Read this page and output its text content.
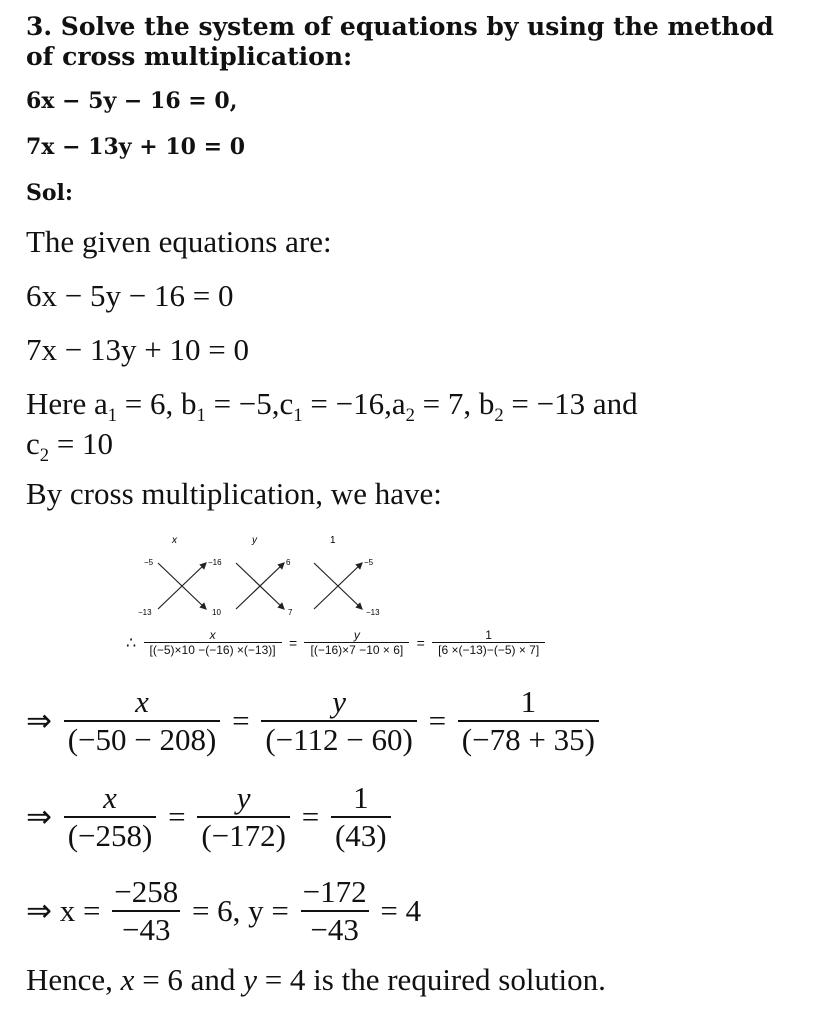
3. Solve the system of equations by using the method of cross multiplication:
6x − 5y − 16 = 0,
7x − 13y + 10 = 0
Sol:
The given equations are:
6x − 5y − 16 = 0
7x − 13y + 10 = 0
Here $a_1 = 6$, $b_1 = -5,c_1 = -16,a_2 = 7$, $b_2 = -13$ and
$c_2 = 10$
By cross multiplication, we have:
x	y	1
−5	−16	6	−5
−13	10	7	−13
∴ $\frac{x}{[(-5)\times 10 -(-16) \times(-13)]} = \frac{y}{[(-16)\times 7 -10 \times 6]} = \frac{1}{[6 \times(-13)-(-5) \times 7]}$
⇒ $\frac{x}{(-50 - 208)} = \frac{y}{(-112 - 60)} = \frac{1}{(-78 + 35)}$
⇒ $\frac{x}{(-258)} = \frac{y}{(-172)} = \frac{1}{(43)}$
⇒ $x = \frac{-258}{-43} = 6$, $y = \frac{-172}{-43} = 4$
Hence, x = 6 and y = 4 is the required solution.
